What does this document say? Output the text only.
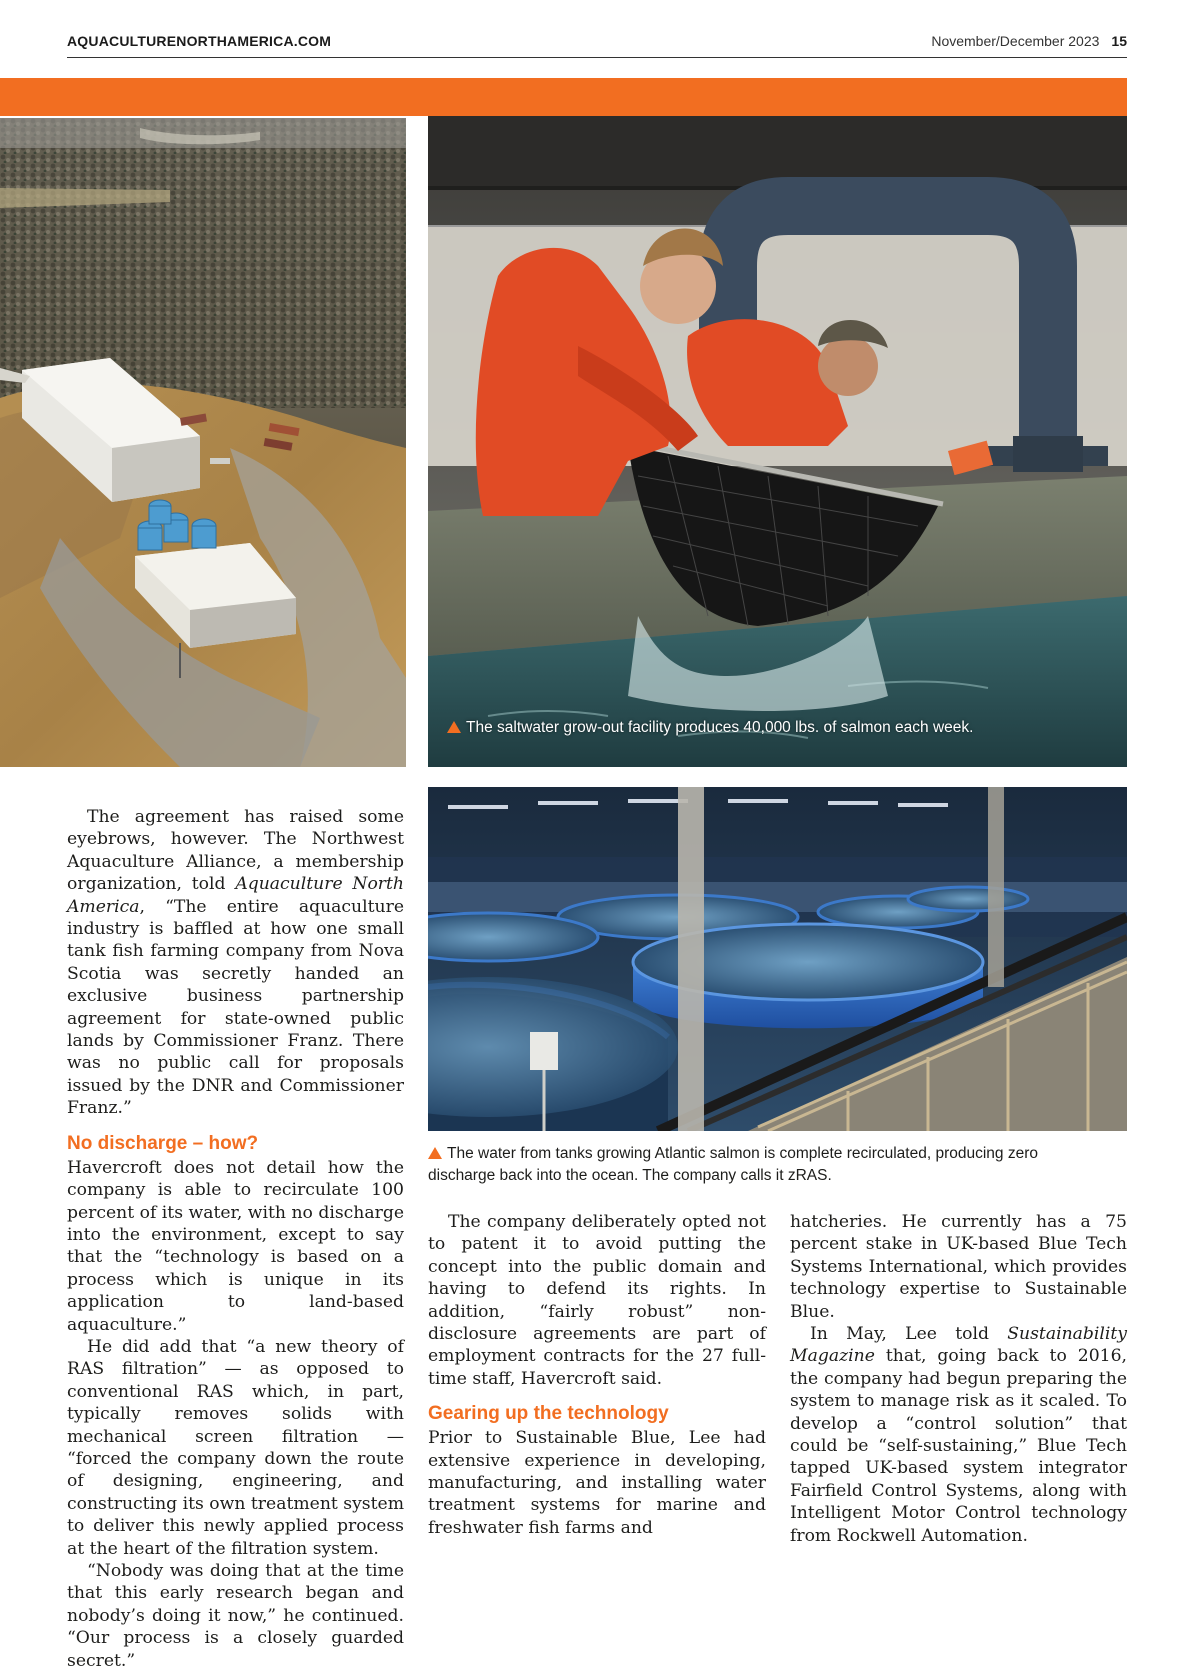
AQUACULTURENORTHAMERICA.COM	November/December 2023 15
The saltwater grow-out facility produces 40,000 lbs. of salmon each week.
The water from tanks growing Atlantic salmon is complete recirculated, producing zero
discharge back into the ocean. The company calls it zRAS.

The agreement has raised some eyebrows, however. The Northwest Aquaculture Alliance, a membership organization, told Aquaculture North America, “The entire aquaculture industry is baffled at how one small tank fish farming company from Nova Scotia was secretly handed an exclusive business partnership agreement for state-owned public lands by Commissioner Franz. There was no public call for proposals issued by the DNR and Commissioner Franz.”

No discharge – how?

Havercroft does not detail how the company is able to recirculate 100 percent of its water, with no discharge into the environment, except to say that the “technology is based on a process which is unique in its application to land-based aquaculture.”

He did add that “a new theory of RAS filtration” — as opposed to conventional RAS which, in part, typically removes solids with mechanical screen filtration — “forced the company down the route of designing, engineering, and constructing its own treatment system to deliver this newly applied process at the heart of the filtration system.

“Nobody was doing that at the time that this early research began and nobody’s doing it now,” he continued. “Our process is a closely guarded secret.”

The company deliberately opted not to patent it to avoid putting the concept into the public domain and having to defend its rights. In addition, “fairly robust” non-disclosure agreements are part of employment contracts for the 27 full-time staff, Havercroft said.

Gearing up the technology

Prior to Sustainable Blue, Lee had extensive experience in developing, manufacturing, and installing water treatment systems for marine and freshwater fish farms and

hatcheries. He currently has a 75 percent stake in UK-based Blue Tech Systems International, which provides technology expertise to Sustainable Blue.

In May, Lee told Sustainability Magazine that, going back to 2016, the company had begun preparing the system to manage risk as it scaled. To develop a “control solution” that could be “self-sustaining,” Blue Tech tapped UK-based system integrator Fairfield Control Systems, along with Intelligent Motor Control technology from Rockwell Automation.
